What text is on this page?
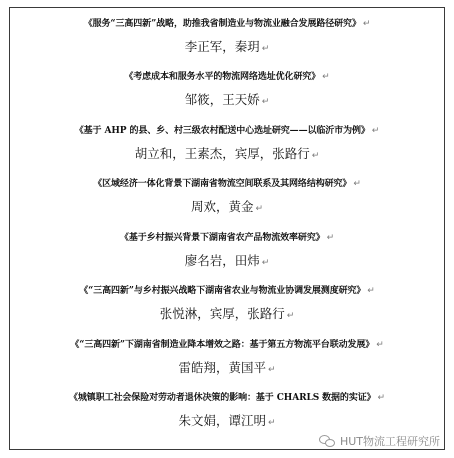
《服务“三高四新”战略，助推我省制造业与物流业融合发展路径研究》 ↵
李正军，秦玥 ↵
《考虑成本和服务水平的物流网络选址优化研究》 ↵
邹筱，王天娇 ↵
《基于 AHP 的县、乡、村三级农村配送中心选址研究——以临沂市为例》 ↵
胡立和，王素杰，宾厚，张路行 ↵
《区域经济一体化背景下湖南省物流空间联系及其网络结构研究》 ↵
周欢，黄金 ↵
《基于乡村振兴背景下湖南省农产品物流效率研究》 ↵
廖名岩，田炜 ↵
《“三高四新”与乡村振兴战略下湖南省农业与物流业协调发展测度研究》 ↵
张悦淋，宾厚，张路行 ↵
《“三高四新”下湖南省制造业降本增效之路：基于第五方物流平台联动发展》 ↵
雷皓翔，黄国平 ↵
《城镇职工社会保险对劳动者退休决策的影响：基于 CHARLS 数据的实证》 ↵
朱文娟，谭江明 ↵
HUT物流工程研究所
